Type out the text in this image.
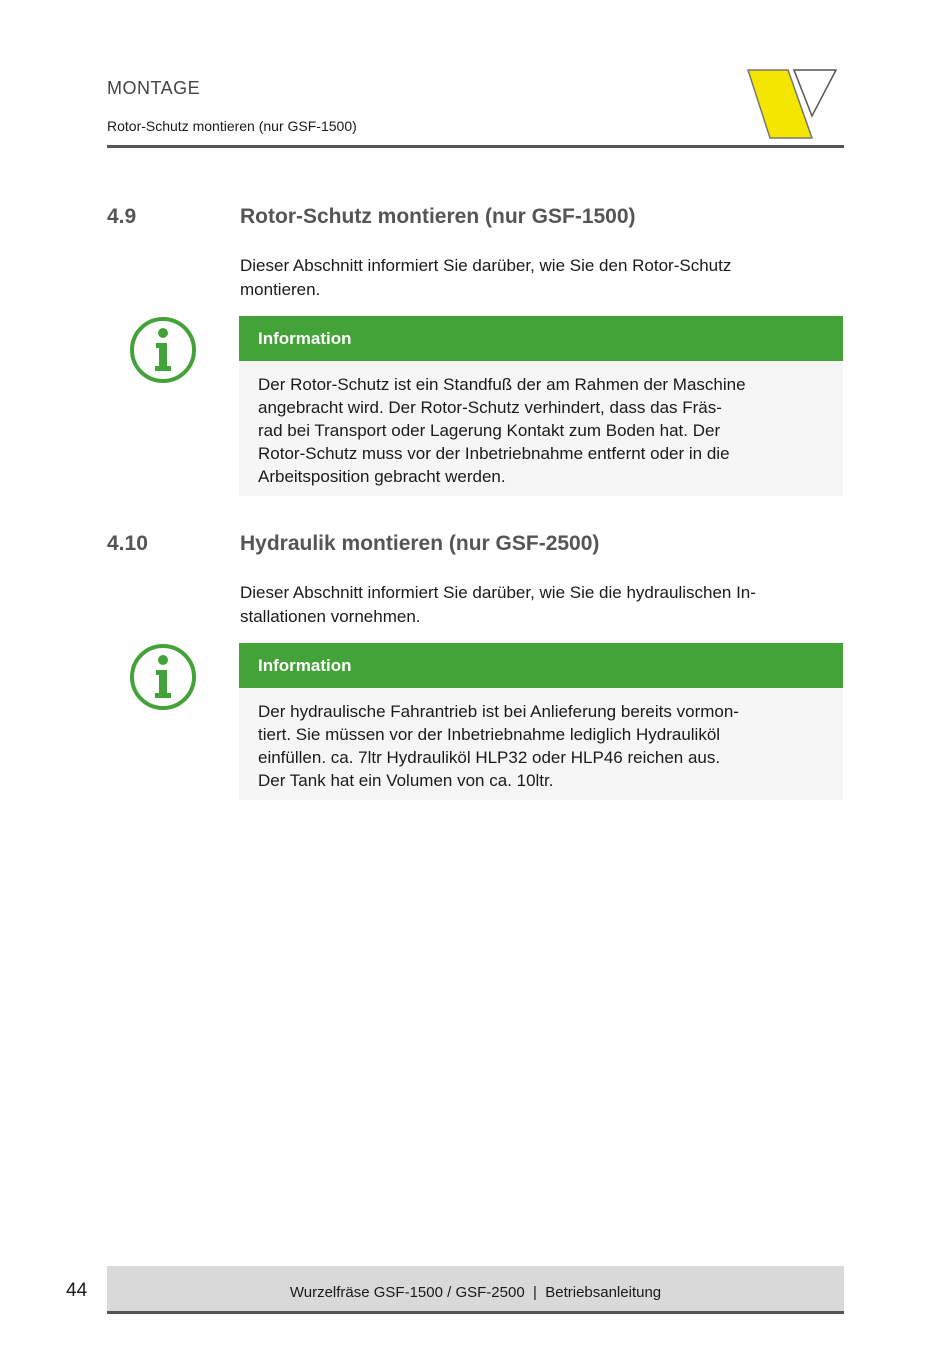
MONTAGE
Rotor-Schutz montieren (nur GSF-1500)
4.9	Rotor-Schutz montieren (nur GSF-1500)
Dieser Abschnitt informiert Sie darüber, wie Sie den Rotor-Schutz
montieren.
Information
Der Rotor-Schutz ist ein Standfuß der am Rahmen der Maschine
angebracht wird. Der Rotor-Schutz verhindert, dass das Fräs-
rad bei Transport oder Lagerung Kontakt zum Boden hat. Der
Rotor-Schutz muss vor der Inbetriebnahme entfernt oder in die
Arbeitsposition gebracht werden.
4.10	Hydraulik montieren (nur GSF-2500)
Dieser Abschnitt informiert Sie darüber, wie Sie die hydraulischen In-
stallationen vornehmen.
Information
Der hydraulische Fahrantrieb ist bei Anlieferung bereits vormon-
tiert. Sie müssen vor der Inbetriebnahme lediglich Hydrauliköl
einfüllen. ca. 7ltr Hydrauliköl HLP32 oder HLP46 reichen aus.
Der Tank hat ein Volumen von ca. 10ltr.
44	Wurzelfräse GSF-1500 / GSF-2500  |  Betriebsanleitung
